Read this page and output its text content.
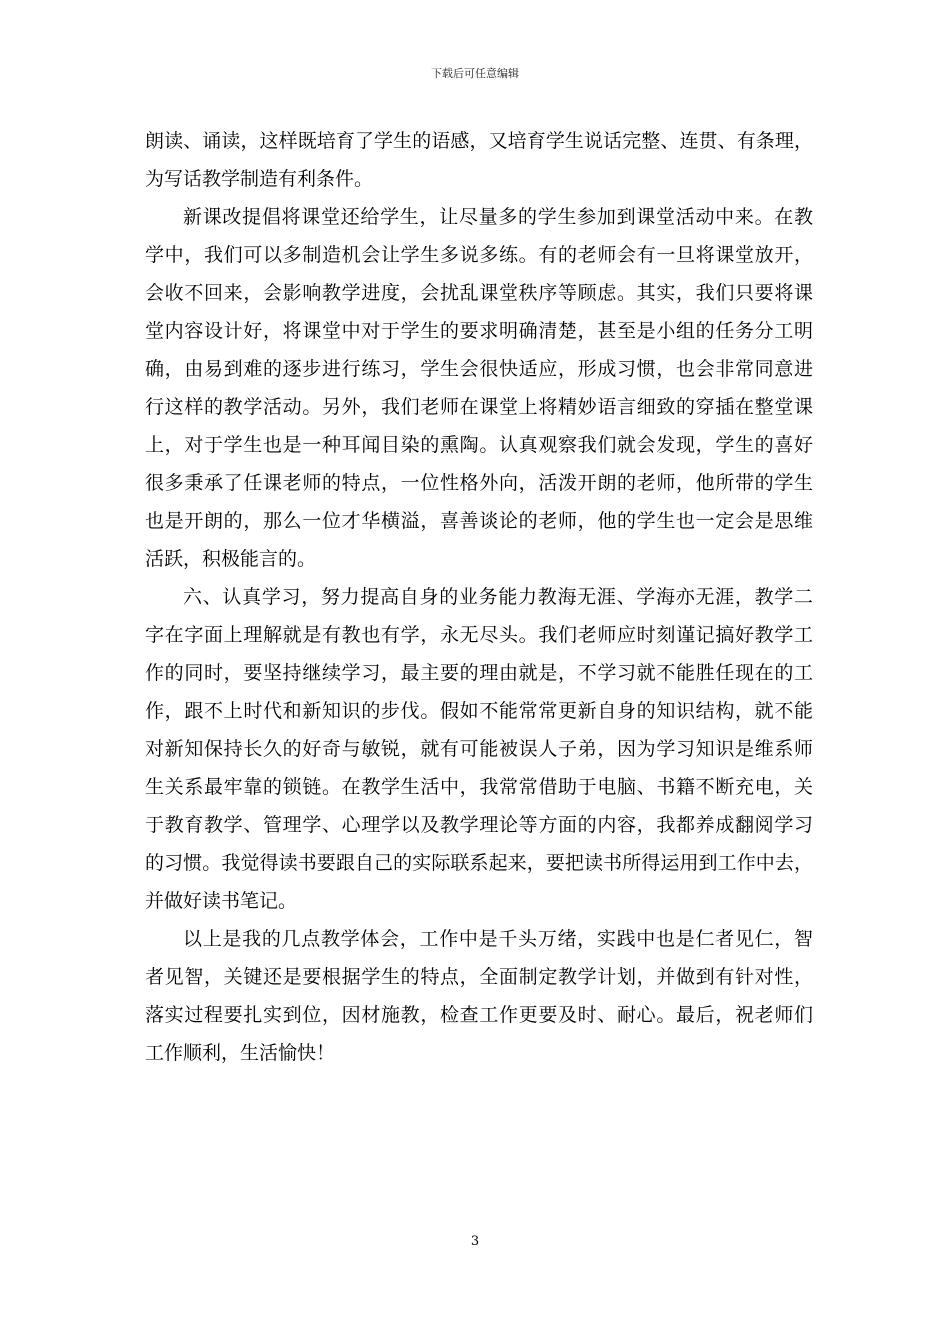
下载后可任意编辑
朗读、诵读，这样既培育了学生的语感，又培育学生说话完整、连贯、有条理，
为写话教学制造有利条件。
新课改提倡将课堂还给学生，让尽量多的学生参加到课堂活动中来。在教
学中，我们可以多制造机会让学生多说多练。有的老师会有一旦将课堂放开，
会收不回来，会影响教学进度，会扰乱课堂秩序等顾虑。其实，我们只要将课
堂内容设计好，将课堂中对于学生的要求明确清楚，甚至是小组的任务分工明
确，由易到难的逐步进行练习，学生会很快适应，形成习惯，也会非常同意进
行这样的教学活动。另外，我们老师在课堂上将精妙语言细致的穿插在整堂课
上，对于学生也是一种耳闻目染的熏陶。认真观察我们就会发现，学生的喜好
很多秉承了任课老师的特点，一位性格外向，活泼开朗的老师，他所带的学生
也是开朗的，那么一位才华横溢，喜善谈论的老师，他的学生也一定会是思维
活跃，积极能言的。
六、认真学习，努力提高自身的业务能力教海无涯、学海亦无涯，教学二
字在字面上理解就是有教也有学，永无尽头。我们老师应时刻谨记搞好教学工
作的同时，要坚持继续学习，最主要的理由就是，不学习就不能胜任现在的工
作，跟不上时代和新知识的步伐。假如不能常常更新自身的知识结构，就不能
对新知保持长久的好奇与敏锐，就有可能被误人子弟，因为学习知识是维系师
生关系最牢靠的锁链。在教学生活中，我常常借助于电脑、书籍不断充电，关
于教育教学、管理学、心理学以及教学理论等方面的内容，我都养成翻阅学习
的习惯。我觉得读书要跟自己的实际联系起来，要把读书所得运用到工作中去，
并做好读书笔记。
以上是我的几点教学体会，工作中是千头万绪，实践中也是仁者见仁，智
者见智，关键还是要根据学生的特点，全面制定教学计划，并做到有针对性，
落实过程要扎实到位，因材施教，检查工作更要及时、耐心。最后，祝老师们
工作顺利，生活愉快！
3
